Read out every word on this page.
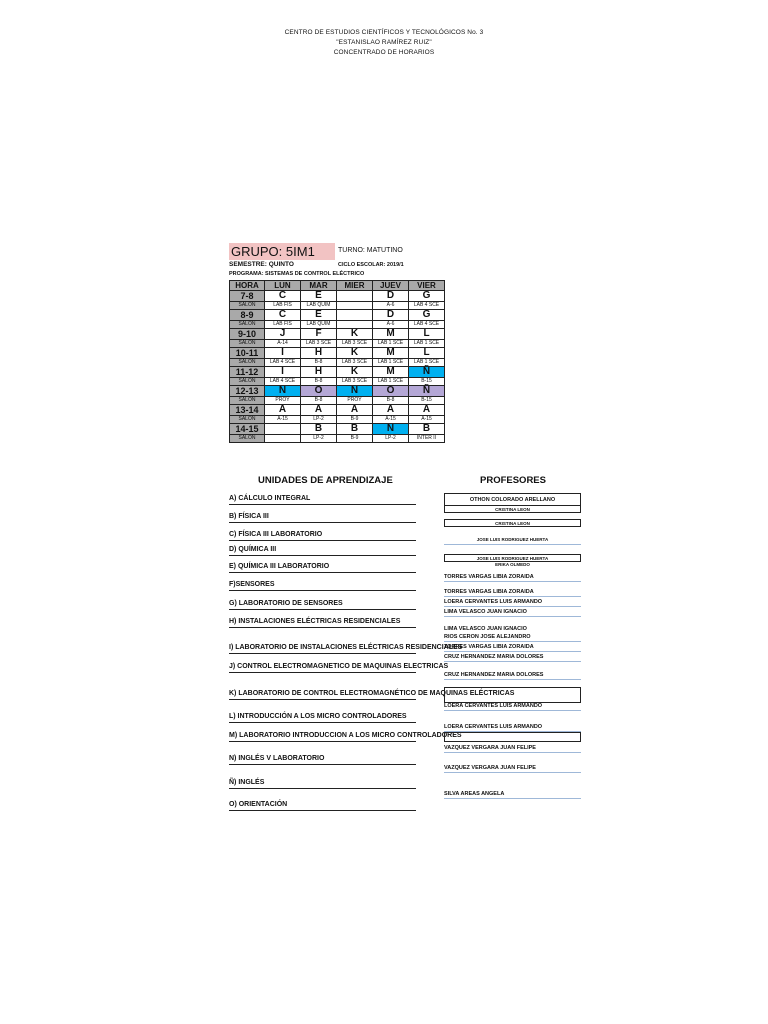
CENTRO DE ESTUDIOS CIENTÍFICOS Y TECNOLÓGICOS No. 3
"ESTANISLAO RAMÍREZ RUIZ"
CONCENTRADO DE HORARIOS
GRUPO: 5IM1	TURNO: MATUTINO
SEMESTRE: QUINTO	CICLO ESCOLAR: 2019/1
PROGRAMA: SISTEMAS DE CONTROL ELÉCTRICO
HORA	LUN	MAR	MIER	JUEV	VIER
7-8	C	E		D	G
SALON	LAB FIS	LAB QUIM		A-6	LAB 4 SCE
8-9	C	E		D	G
SALON	LAB FIS	LAB QUIM		A-6	LAB 4 SCE
9-10	J	F	K	M	L
SALON	A-14	LAB 3 SCE	LAB 3 SCE	LAB 1 SCE	LAB 1 SCE
10-11	I	H	K	M	L
SALON	LAB 4 SCE	B-8	LAB 3 SCE	LAB 1 SCE	LAB 1 SCE
11-12	I	H	K	M	Ñ
SALON	LAB 4 SCE	B-8	LAB 3 SCE	LAB 1 SCE	B-15
12-13	N	O	N	O	Ñ
SALON	PROY	B-8	PROY	B-8	B-15
13-14	A	A	A	A	A
SALON	A-15	LP-2	B-9	A-15	A-15
14-15		B	B	N	B
SALON		LP-2	B-9	LP-2	INTER II
UNIDADES DE APRENDIZAJE	PROFESORES
A) CÁLCULO INTEGRAL
B) FÍSICA III
C) FÍSICA III LABORATORIO
D) QUÍMICA III
E) QUÍMICA III LABORATORIO
F)SENSORES
G) LABORATORIO DE SENSORES
H) INSTALACIONES ELÉCTRICAS RESIDENCIALES
I) LABORATORIO DE INSTALACIONES ELÉCTRICAS RESIDENCIALES
J) CONTROL ELECTROMAGNETICO DE MAQUINAS ELECTRICAS
K) LABORATORIO DE CONTROL ELECTROMAGNÉTICO DE MAQUINAS ELÉCTRICAS
L) INTRODUCCIÓN A LOS MICRO CONTROLADORES
M) LABORATORIO INTRODUCCION A LOS MICRO CONTROLADORES
N) INGLÉS V LABORATORIO
Ñ) INGLÉS
O) ORIENTACIÓN
OTHON COLORADO ARELLANO
CRISTINA LEON
CRISTINA LEON
JOSE LUIS RODRIGUEZ HUERTA
JOSE LUIS RODRIGUEZ HUERTA
ERIKA OLMEDO
TORRES VARGAS LIBIA ZORAIDA
TORRES VARGAS LIBIA ZORAIDA
LOERA CERVANTES LUIS ARMANDO
LIMA VELASCO JUAN IGNACIO
LIMA VELASCO JUAN IGNACIO
RIOS CERON JOSE ALEJANDRO
TORRES VARGAS LIBIA ZORAIDA
CRUZ HERNANDEZ MARIA DOLORES
CRUZ HERNANDEZ MARIA DOLORES
LOERA CERVANTES LUIS ARMANDO
LOERA CERVANTES LUIS ARMANDO
VAZQUEZ VERGARA JUAN FELIPE
VAZQUEZ VERGARA JUAN FELIPE
SILVA AREAS ANGELA
